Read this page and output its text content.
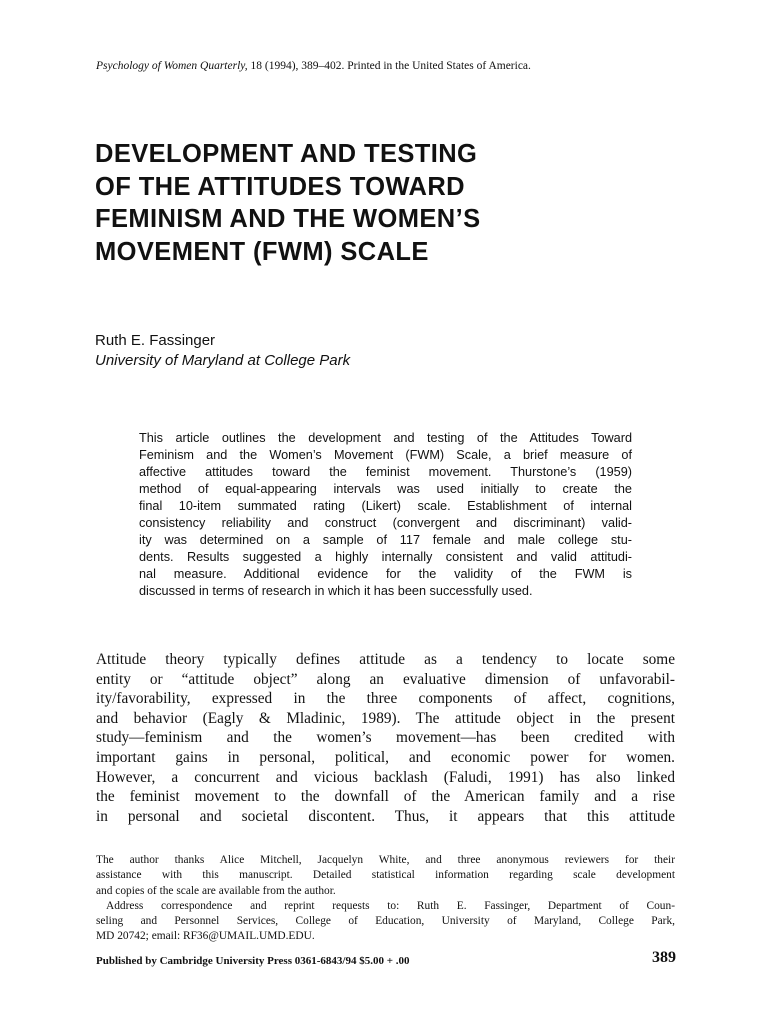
Psychology of Women Quarterly, 18 (1994), 389–402. Printed in the United States of America.
DEVELOPMENT AND TESTING
OF THE ATTITUDES TOWARD
FEMINISM AND THE WOMEN’S
MOVEMENT (FWM) SCALE
Ruth E. Fassinger
University of Maryland at College Park
This article outlines the development and testing of the Attitudes Toward
Feminism and the Women’s Movement (FWM) Scale, a brief measure of
affective attitudes toward the feminist movement. Thurstone’s (1959)
method of equal-appearing intervals was used initially to create the
final 10-item summated rating (Likert) scale. Establishment of internal
consistency reliability and construct (convergent and discriminant) valid-
ity was determined on a sample of 117 female and male college stu-
dents. Results suggested a highly internally consistent and valid attitudi-
nal measure. Additional evidence for the validity of the FWM is
discussed in terms of research in which it has been successfully used.
Attitude theory typically defines attitude as a tendency to locate some
entity or “attitude object” along an evaluative dimension of unfavorabil-
ity/favorability, expressed in the three components of affect, cognitions,
and behavior (Eagly & Mladinic, 1989). The attitude object in the present
study—feminism and the women’s movement—has been credited with
important gains in personal, political, and economic power for women.
However, a concurrent and vicious backlash (Faludi, 1991) has also linked
the feminist movement to the downfall of the American family and a rise
in personal and societal discontent. Thus, it appears that this attitude
The author thanks Alice Mitchell, Jacquelyn White, and three anonymous reviewers for their
assistance with this manuscript. Detailed statistical information regarding scale development
and copies of the scale are available from the author.
Address correspondence and reprint requests to: Ruth E. Fassinger, Department of Coun-
seling and Personnel Services, College of Education, University of Maryland, College Park,
MD 20742; email: RF36@UMAIL.UMD.EDU.
Published by Cambridge University Press 0361-6843/94 $5.00 + .00	389
